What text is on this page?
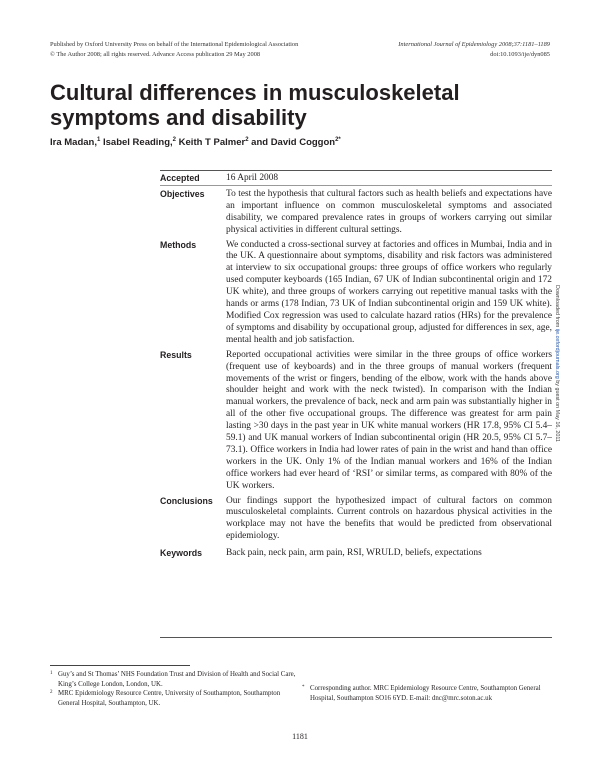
Published by Oxford University Press on behalf of the International Epidemiological Association
© The Author 2008; all rights reserved. Advance Access publication 29 May 2008
International Journal of Epidemiology 2008;37:1181–1189
doi:10.1093/ije/dyn085
Cultural differences in musculoskeletal symptoms and disability
Ira Madan,$^1$ Isabel Reading,$^2$ Keith T Palmer$^2$ and David Coggon$^{2*}$
Accepted	16 April 2008
Objectives	To test the hypothesis that cultural factors such as health beliefs and expectations have an important influence on common musculoskeletal symptoms and associated disability, we compared prevalence rates in groups of workers carrying out similar physical activities in different cultural settings.
Methods	We conducted a cross-sectional survey at factories and offices in Mumbai, India and in the UK. A questionnaire about symptoms, disability and risk factors was administered at interview to six occupational groups: three groups of office workers who regularly used computer keyboards (165 Indian, 67 UK of Indian subcontinental origin and 172 UK white), and three groups of workers carrying out repetitive manual tasks with the hands or arms (178 Indian, 73 UK of Indian subcontinental origin and 159 UK white). Modified Cox regression was used to calculate hazard ratios (HRs) for the prevalence of symptoms and disability by occupational group, adjusted for differences in sex, age, mental health and job satisfaction.
Results	Reported occupational activities were similar in the three groups of office workers (frequent use of keyboards) and in the three groups of manual workers (frequent movements of the wrist or fingers, bending of the elbow, work with the hands above shoulder height and work with the neck twisted). In comparison with the Indian manual workers, the prevalence of back, neck and arm pain was substantially higher in all of the other five occupational groups. The difference was greatest for arm pain lasting >30 days in the past year in UK white manual workers (HR 17.8, 95% CI 5.4–59.1) and UK manual workers of Indian subcontinental origin (HR 20.5, 95% CI 5.7–73.1). Office workers in India had lower rates of pain in the wrist and hand than office workers in the UK. Only 1% of the Indian manual workers and 16% of the Indian office workers had ever heard of ‘RSI’ or similar terms, as compared with 80% of the UK workers.
Conclusions	Our findings support the hypothesized impact of cultural factors on common musculoskeletal complaints. Current controls on hazardous physical activities in the workplace may not have the benefits that would be predicted from observational epidemiology.
Keywords	Back pain, neck pain, arm pain, RSI, WRULD, beliefs, expectations
1 Guy’s and St Thomas’ NHS Foundation Trust and Division of Health and Social Care, King’s College London, London, UK.
2 MRC Epidemiology Resource Centre, University of Southampton, Southampton General Hospital, Southampton, UK.
* Corresponding author. MRC Epidemiology Resource Centre, Southampton General Hospital, Southampton SO16 6YD. E-mail: dnc@mrc.soton.ac.uk
1181
Downloaded from ije.oxfordjournals.org by guest on May 16, 2011
